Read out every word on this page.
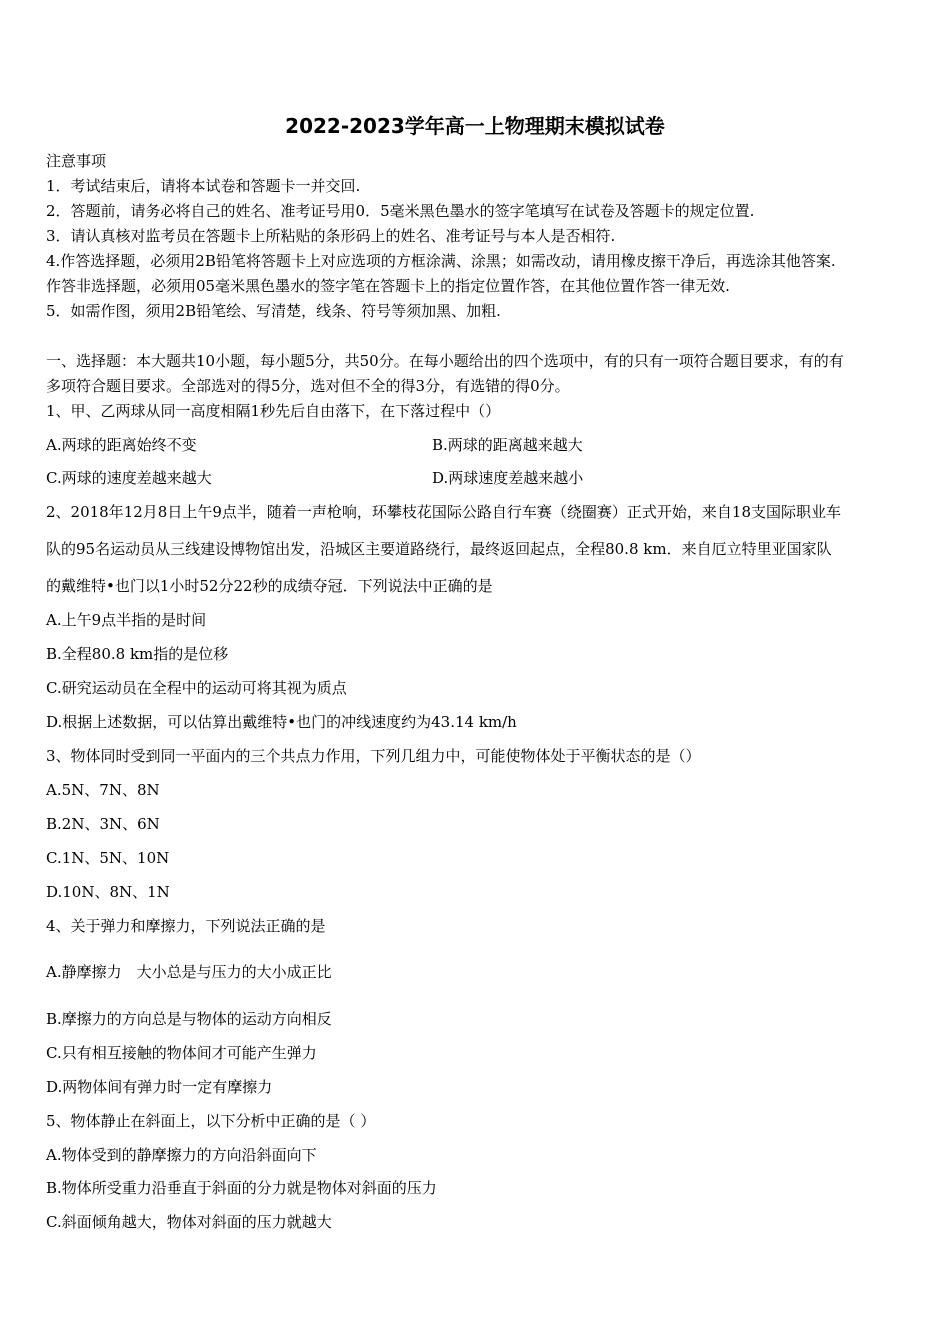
2022-2023学年高一上物理期末模拟试卷
注意事项
1．考试结束后，请将本试卷和答题卡一并交回.
2．答题前，请务必将自己的姓名、准考证号用0．5毫米黑色墨水的签字笔填写在试卷及答题卡的规定位置.
3．请认真核对监考员在答题卡上所粘贴的条形码上的姓名、准考证号与本人是否相符.
4.作答选择题，必须用2B铅笔将答题卡上对应选项的方框涂满、涂黑；如需改动，请用橡皮擦干净后，再选涂其他答案.
作答非选择题，必须用05毫米黑色墨水的签字笔在答题卡上的指定位置作答，在其他位置作答一律无效.
5．如需作图，须用2B铅笔绘、写清楚，线条、符号等须加黑、加粗.
一、选择题：本大题共10小题，每小题5分，共50分。在每小题给出的四个选项中，有的只有一项符合题目要求，有的有
多项符合题目要求。全部选对的得5分，选对但不全的得3分，有选错的得0分。
1、甲、乙两球从同一高度相隔1秒先后自由落下，在下落过程中（）
A.两球的距离始终不变	B.两球的距离越来越大
C.两球的速度差越来越大	D.两球速度差越来越小
2、2018年12月8日上午9点半，随着一声枪响，环攀枝花国际公路自行车赛（绕圈赛）正式开始，来自18支国际职业车
队的95名运动员从三线建设博物馆出发，沿城区主要道路绕行，最终返回起点，全程80.8 km．来自厄立特里亚国家队
的戴维特•也门以1小时52分22秒的成绩夺冠．下列说法中正确的是
A.上午9点半指的是时间
B.全程80.8 km指的是位移
C.研究运动员在全程中的运动可将其视为质点
D.根据上述数据，可以估算出戴维特•也门的冲线速度约为43.14 km/h
3、物体同时受到同一平面内的三个共点力作用，下列几组力中，可能使物体处于平衡状态的是（）
A.5N、7N、8N
B.2N、3N、6N
C.1N、5N、10N
D.10N、8N、1N
4、关于弹力和摩擦力，下列说法正确的是
A.静摩擦力　大小总是与压力的大小成正比
B.摩擦力的方向总是与物体的运动方向相反
C.只有相互接触的物体间才可能产生弹力
D.两物体间有弹力时一定有摩擦力
5、物体静止在斜面上，以下分析中正确的是（ ）
A.物体受到的静摩擦力的方向沿斜面向下
B.物体所受重力沿垂直于斜面的分力就是物体对斜面的压力
C.斜面倾角越大，物体对斜面的压力就越大
